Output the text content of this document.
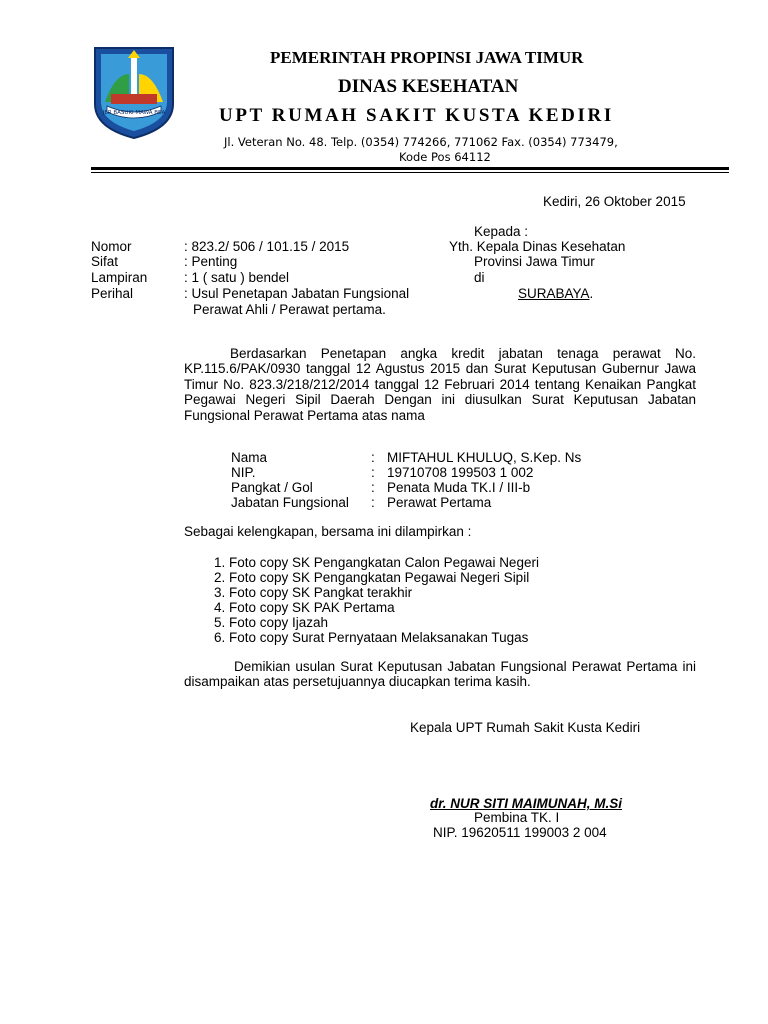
JER BASUKI MAWA BEA
PEMERINTAH PROPINSI JAWA TIMUR
DINAS KESEHATAN
UPT RUMAH SAKIT KUSTA KEDIRI
Jl. Veteran No. 48. Telp. (0354) 774266, 771062 Fax. (0354) 773479,
Kode Pos 64112
Kediri, 26 Oktober 2015
Kepada :
Yth. Kepala Dinas Kesehatan
Provinsi Jawa Timur
di
SURABAYA.
Nomor	: 823.2/ 506 / 101.15 / 2015
Sifat	: Penting
Lampiran	: 1 ( satu ) bendel
Perihal	: Usul Penetapan Jabatan Fungsional
Perawat Ahli / Perawat pertama.
Berdasarkan Penetapan angka kredit jabatan tenaga perawat No. KP.115.6/PAK/0930 tanggal 12 Agustus 2015 dan Surat Keputusan Gubernur Jawa Timur No. 823.3/218/212/2014 tanggal 12 Februari 2014 tentang Kenaikan Pangkat Pegawai Negeri Sipil Daerah Dengan ini diusulkan Surat Keputusan Jabatan Fungsional Perawat Pertama atas nama
Nama	: MIFTAHUL KHULUQ, S.Kep. Ns
NIP.	: 19710708 199503 1 002
Pangkat / Gol	: Penata Muda TK.I / III-b
Jabatan Fungsional : Perawat Pertama
Sebagai kelengkapan, bersama ini dilampirkan :
1. Foto copy SK Pengangkatan Calon Pegawai Negeri
2. Foto copy SK Pengangkatan Pegawai Negeri Sipil
3. Foto copy SK Pangkat terakhir
4. Foto copy SK PAK Pertama
5. Foto copy Ijazah
6. Foto copy Surat Pernyataan Melaksanakan Tugas
Demikian usulan Surat Keputusan Jabatan Fungsional Perawat Pertama ini disampaikan atas persetujuannya diucapkan terima kasih.
Kepala UPT Rumah Sakit Kusta Kediri
dr. NUR SITI MAIMUNAH, M.Si
Pembina TK. I
NIP. 19620511 199003 2 004
